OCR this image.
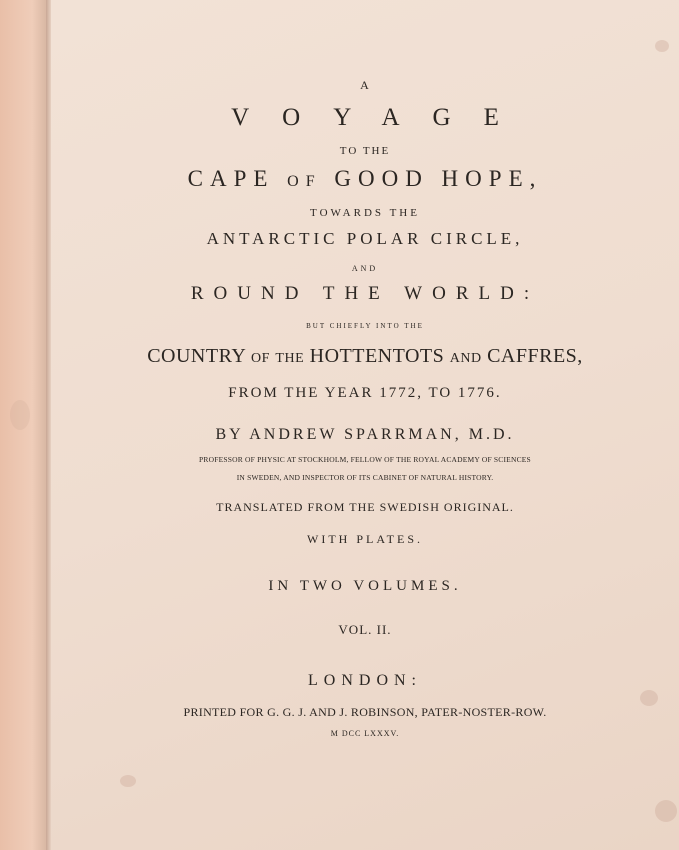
A
VOYAGE
TO THE
CAPE of GOOD HOPE,
TOWARDS THE
ANTARCTIC POLAR CIRCLE,
AND
ROUND THE WORLD:
BUT CHIEFLY INTO THE
COUNTRY of the HOTTENTOTS and CAFFRES,
FROM THE YEAR 1772, TO 1776.
BY ANDREW SPARRMAN, M.D.
PROFESSOR OF PHYSIC AT STOCKHOLM, FELLOW OF THE ROYAL ACADEMY OF SCIENCES
IN SWEDEN, AND INSPECTOR OF ITS CABINET OF NATURAL HISTORY.
TRANSLATED FROM THE SWEDISH ORIGINAL.
WITH PLATES.
IN TWO VOLUMES.
VOL. II.
LONDON:
PRINTED FOR G. G. J. AND J. ROBINSON, PATER-NOSTER-ROW.
M DCC LXXXV.
